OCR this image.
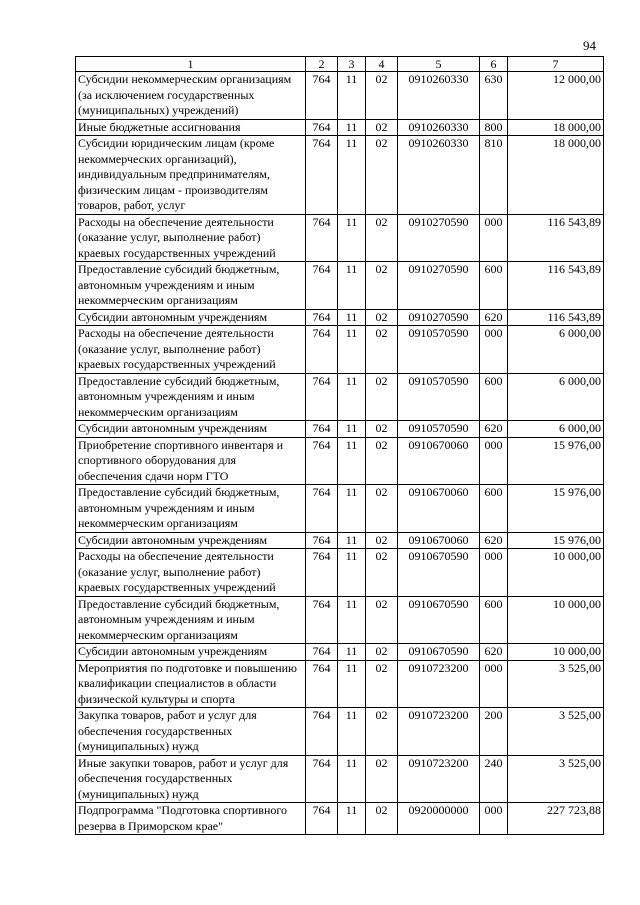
94
1	2	3	4	5	6	7
Субсидии некоммерческим организациям (за исключением государственных (муниципальных) учреждений)	764	11	02	0910260330	630	12 000,00
Иные бюджетные ассигнования	764	11	02	0910260330	800	18 000,00
Субсидии юридическим лицам (кроме некоммерческих организаций), индивидуальным предпринимателям, физическим лицам - производителям товаров, работ, услуг	764	11	02	0910260330	810	18 000,00
Расходы на обеспечение деятельности (оказание услуг, выполнение работ) краевых государственных учреждений	764	11	02	0910270590	000	116 543,89
Предоставление субсидий бюджетным, автономным учреждениям и иным некоммерческим организациям	764	11	02	0910270590	600	116 543,89
Субсидии автономным учреждениям	764	11	02	0910270590	620	116 543,89
Расходы на обеспечение деятельности (оказание услуг, выполнение работ) краевых государственных учреждений	764	11	02	0910570590	000	6 000,00
Предоставление субсидий бюджетным, автономным учреждениям и иным некоммерческим организациям	764	11	02	0910570590	600	6 000,00
Субсидии автономным учреждениям	764	11	02	0910570590	620	6 000,00
Приобретение спортивного инвентаря и спортивного оборудования для обеспечения сдачи норм ГТО	764	11	02	0910670060	000	15 976,00
Предоставление субсидий бюджетным, автономным учреждениям и иным некоммерческим организациям	764	11	02	0910670060	600	15 976,00
Субсидии автономным учреждениям	764	11	02	0910670060	620	15 976,00
Расходы на обеспечение деятельности (оказание услуг, выполнение работ) краевых государственных учреждений	764	11	02	0910670590	000	10 000,00
Предоставление субсидий бюджетным, автономным учреждениям и иным некоммерческим организациям	764	11	02	0910670590	600	10 000,00
Субсидии автономным учреждениям	764	11	02	0910670590	620	10 000,00
Мероприятия по подготовке и повышению квалификации специалистов в области физической культуры и спорта	764	11	02	0910723200	000	3 525,00
Закупка товаров, работ и услуг для обеспечения государственных (муниципальных) нужд	764	11	02	0910723200	200	3 525,00
Иные закупки товаров, работ и услуг для обеспечения государственных (муниципальных) нужд	764	11	02	0910723200	240	3 525,00
Подпрограмма "Подготовка спортивного резерва в Приморском крае"	764	11	02	0920000000	000	227 723,88
